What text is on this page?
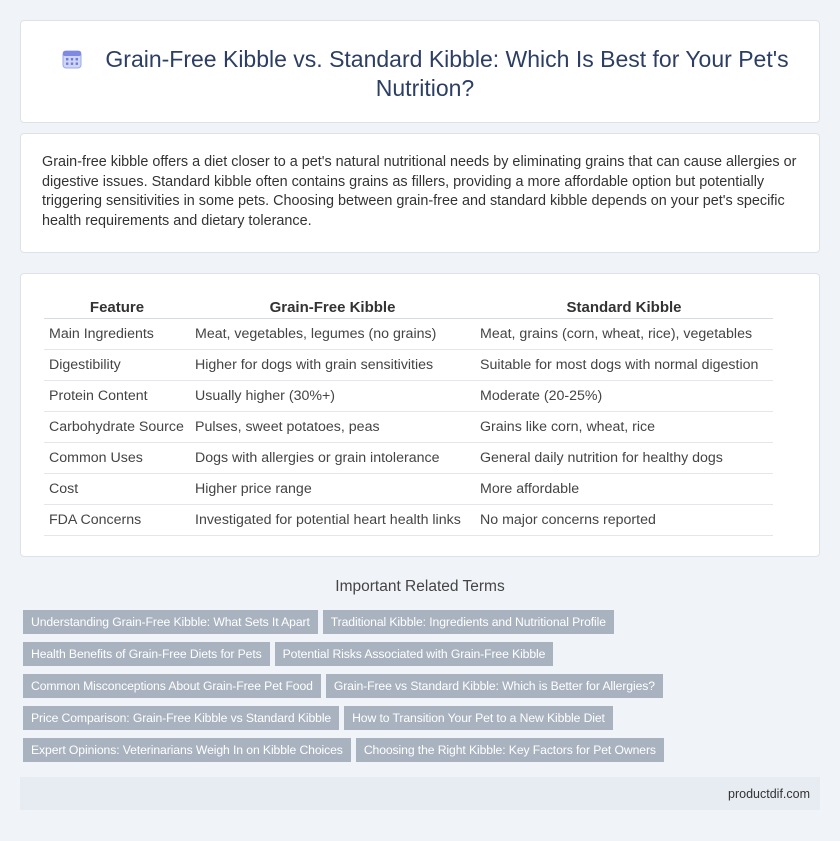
Grain-Free Kibble vs. Standard Kibble: Which Is Best for Your Pet's Nutrition?

Grain-free kibble offers a diet closer to a pet's natural nutritional needs by eliminating grains that can cause allergies or digestive issues. Standard kibble often contains grains as fillers, providing a more affordable option but potentially triggering sensitivities in some pets. Choosing between grain-free and standard kibble depends on your pet's specific health requirements and dietary tolerance.

Feature	Grain-Free Kibble	Standard Kibble
Main Ingredients	Meat, vegetables, legumes (no grains)	Meat, grains (corn, wheat, rice), vegetables
Digestibility	Higher for dogs with grain sensitivities	Suitable for most dogs with normal digestion
Protein Content	Usually higher (30%+)	Moderate (20-25%)
Carbohydrate Source	Pulses, sweet potatoes, peas	Grains like corn, wheat, rice
Common Uses	Dogs with allergies or grain intolerance	General daily nutrition for healthy dogs
Cost	Higher price range	More affordable
FDA Concerns	Investigated for potential heart health links	No major concerns reported
Important Related Terms
Understanding Grain-Free Kibble: What Sets It Apart Traditional Kibble: Ingredients and Nutritional Profile
Health Benefits of Grain-Free Diets for Pets Potential Risks Associated with Grain-Free Kibble
Common Misconceptions About Grain-Free Pet Food Grain-Free vs Standard Kibble: Which is Better for Allergies?
Price Comparison: Grain-Free Kibble vs Standard Kibble How to Transition Your Pet to a New Kibble Diet
Expert Opinions: Veterinarians Weigh In on Kibble Choices Choosing the Right Kibble: Key Factors for Pet Owners
productdif.com
